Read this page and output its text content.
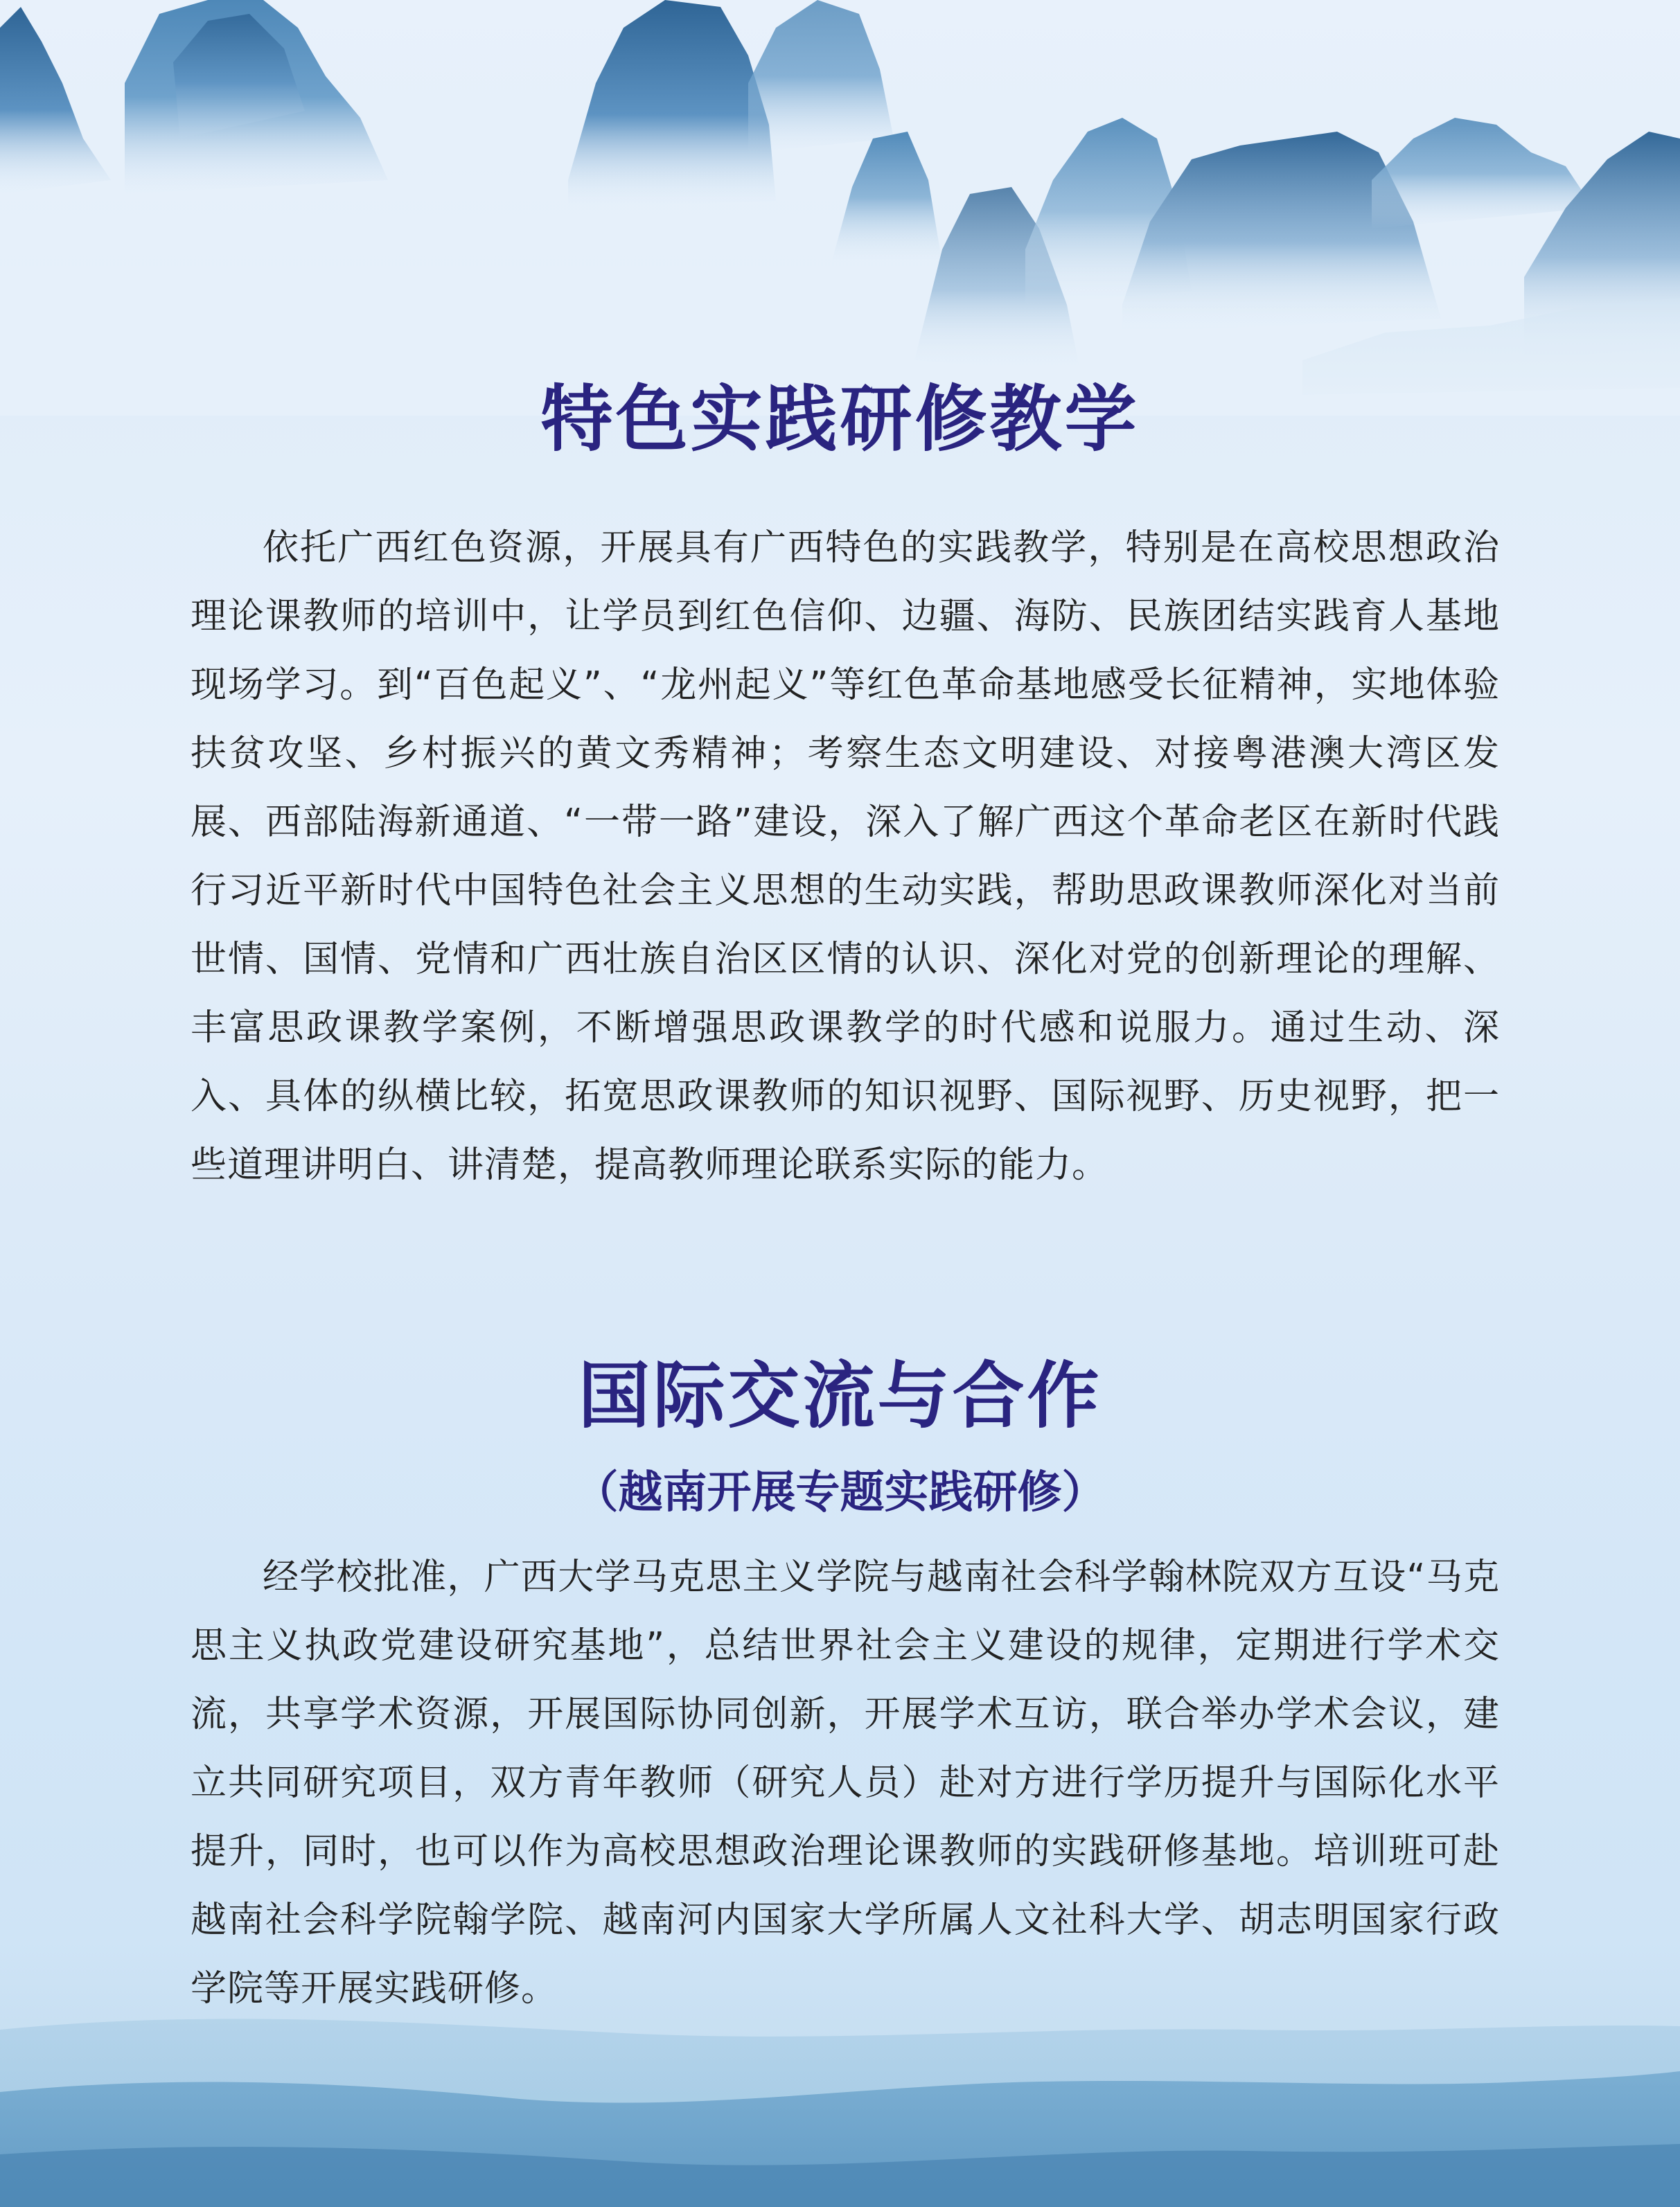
特色实践研修教学

依托广西红色资源，开展具有广西特色的实践教学，特别是在高校思想政治理论课教师的培训中，让学员到红色信仰、边疆、海防、民族团结实践育人基地现场学习。到“百色起义”、“龙州起义”等红色革命基地感受长征精神，实地体验扶贫攻坚、乡村振兴的黄文秀精神；考察生态文明建设、对接粤港澳大湾区发展、西部陆海新通道、“一带一路”建设，深入了解广西这个革命老区在新时代践行习近平新时代中国特色社会主义思想的生动实践，帮助思政课教师深化对当前世情、国情、党情和广西壮族自治区区情的认识、深化对党的创新理论的理解、丰富思政课教学案例，不断增强思政课教学的时代感和说服力。通过生动、深入、具体的纵横比较，拓宽思政课教师的知识视野、国际视野、历史视野，把一些道理讲明白、讲清楚，提高教师理论联系实际的能力。

国际交流与合作
（越南开展专题实践研修）

经学校批准，广西大学马克思主义学院与越南社会科学翰林院双方互设“马克思主义执政党建设研究基地”，总结世界社会主义建设的规律，定期进行学术交流，共享学术资源，开展国际协同创新，开展学术互访，联合举办学术会议，建立共同研究项目，双方青年教师（研究人员）赴对方进行学历提升与国际化水平提升，同时，也可以作为高校思想政治理论课教师的实践研修基地。培训班可赴越南社会科学院翰学院、越南河内国家大学所属人文社科大学、胡志明国家行政学院等开展实践研修。
